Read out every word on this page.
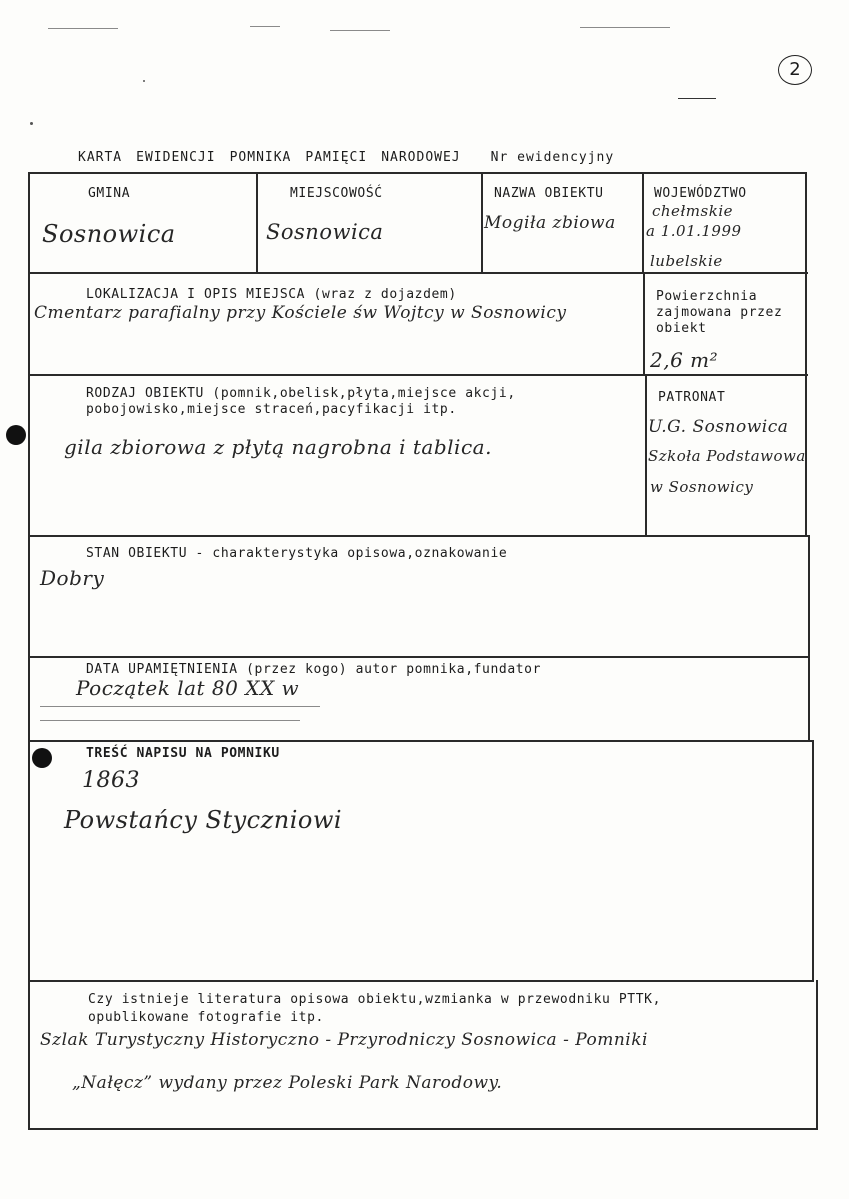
2
KARTA EWIDENCJI POMNIKA PAMIĘCI NARODOWEJ Nr ewidencyjny
GMINA
Sosnowica
MIEJSCOWOŚĆ
Sosnowica
NAZWA OBIEKTU
Mogiła zbiowa
WOJEWÓDZTWO
chełmskie
a 1.01.1999
lubelskie
LOKALIZACJA I OPIS MIEJSCA (wraz z dojazdem)
Cmentarz parafialny przy Kościele św Wojtcy w Sosnowicy
Powierzchnia
zajmowana przez
obiekt
2,6 m²
RODZAJ OBIEKTU (pomnik,obelisk,płyta,miejsce akcji,
pobojowisko,miejsce straceń,pacyfikacji itp.
gila zbiorowa z płytą nagrobna i tablica.
PATRONAT
U.G. Sosnowica
Szkoła Podstawowa
w Sosnowicy
STAN OBIEKTU - charakterystyka opisowa,oznakowanie
Dobry
DATA UPAMIĘTNIENIA (przez kogo) autor pomnika,fundator
Początek lat 80 XX w
TREŚĆ NAPISU NA POMNIKU
1863
Powstańcy Styczniowi
Czy istnieje literatura opisowa obiektu,wzmianka w przewodniku PTTK,
opublikowane fotografie itp.
Szlak Turystyczny Historyczno - Przyrodniczy Sosnowica - Pomniki
„Nałęcz” wydany przez Poleski Park Narodowy.
